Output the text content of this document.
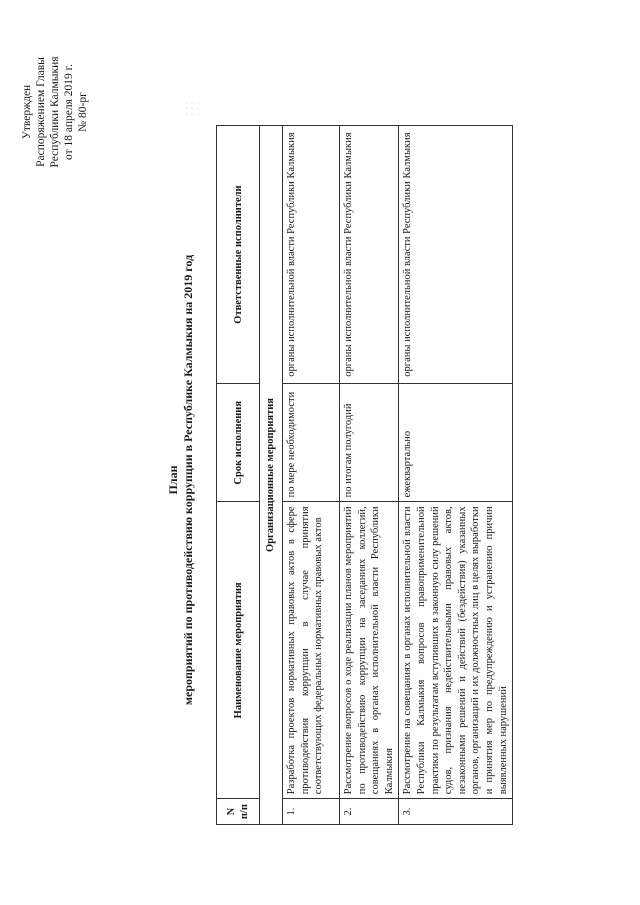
Утвержден Распоряжением Главы Республики Калмыкия от 18 апреля 2019 г. № 80-рг	· · ·
· · ·
· · ·
План мероприятий по противодействию коррупции в Республике Калмыкия на 2019 год
N п/п	Наименование мероприятия	Срок исполнения	Ответственные исполнители
Организационные мероприятия			
1.	Разработка проектов нормативных правовых актов в сфере противодействия коррупции в случае принятия соответствующих федеральных нормативных правовых актов	по мере необходимости	органы исполнительной власти Республики Калмыкия
2.	Рассмотрение вопросов о ходе реализации планов мероприятий по противодействию коррупции на заседаниях коллегий, совещаниях в органах исполнительной власти Республики Калмыкия	по итогам полугодий	органы исполнительной власти Республики Калмыкия
3.	Рассмотрение на совещаниях в органах исполнительной власти Республики Калмыкия вопросов правоприменительной практики по результатам вступивших в законную силу решений судов, признания недействительными правовых актов, незаконными решений и действий (бездействия) указанных органов, организаций и их должностных лиц в целях выработки и принятия мер по предупреждению и устранению причин выявленных нарушений	ежеквартально	органы исполнительной власти Республики Калмыкия
